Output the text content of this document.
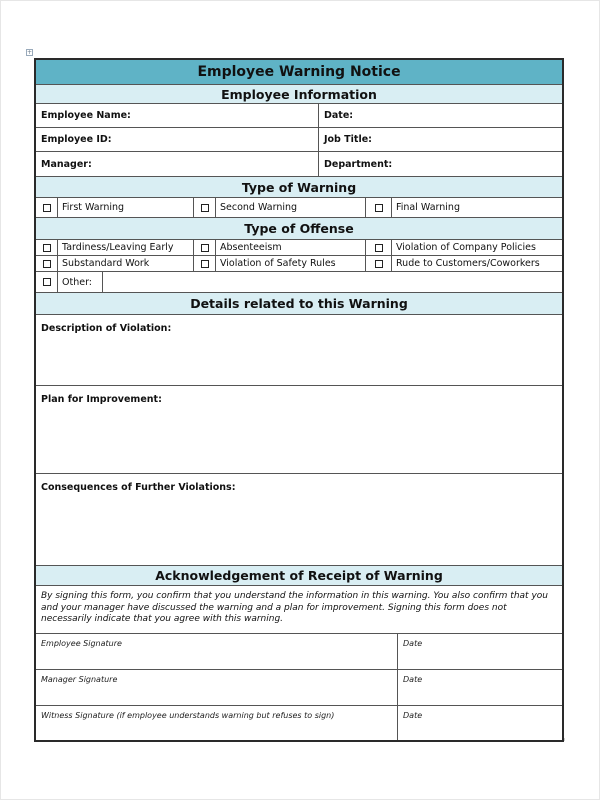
+
Employee Warning Notice
Employee Information
Employee Name:	Date:
Employee ID:	Job Title:
Manager:	Department:
Type of Warning
First Warning	Second Warning	Final Warning
Type of Offense
Tardiness/Leaving Early	Absenteeism	Violation of Company Policies
Substandard Work	Violation of Safety Rules	Rude to Customers/Coworkers
Other:
Details related to this Warning
Description of Violation:
Plan for Improvement:
Consequences of Further Violations:
Acknowledgement of Receipt of Warning
By signing this form, you confirm that you understand the information in this warning. You also confirm that you and your manager have discussed the warning and a plan for improvement. Signing this form does not necessarily indicate that you agree with this warning.
Employee Signature	Date
Manager Signature	Date
Witness Signature (if employee understands warning but refuses to sign)	Date
